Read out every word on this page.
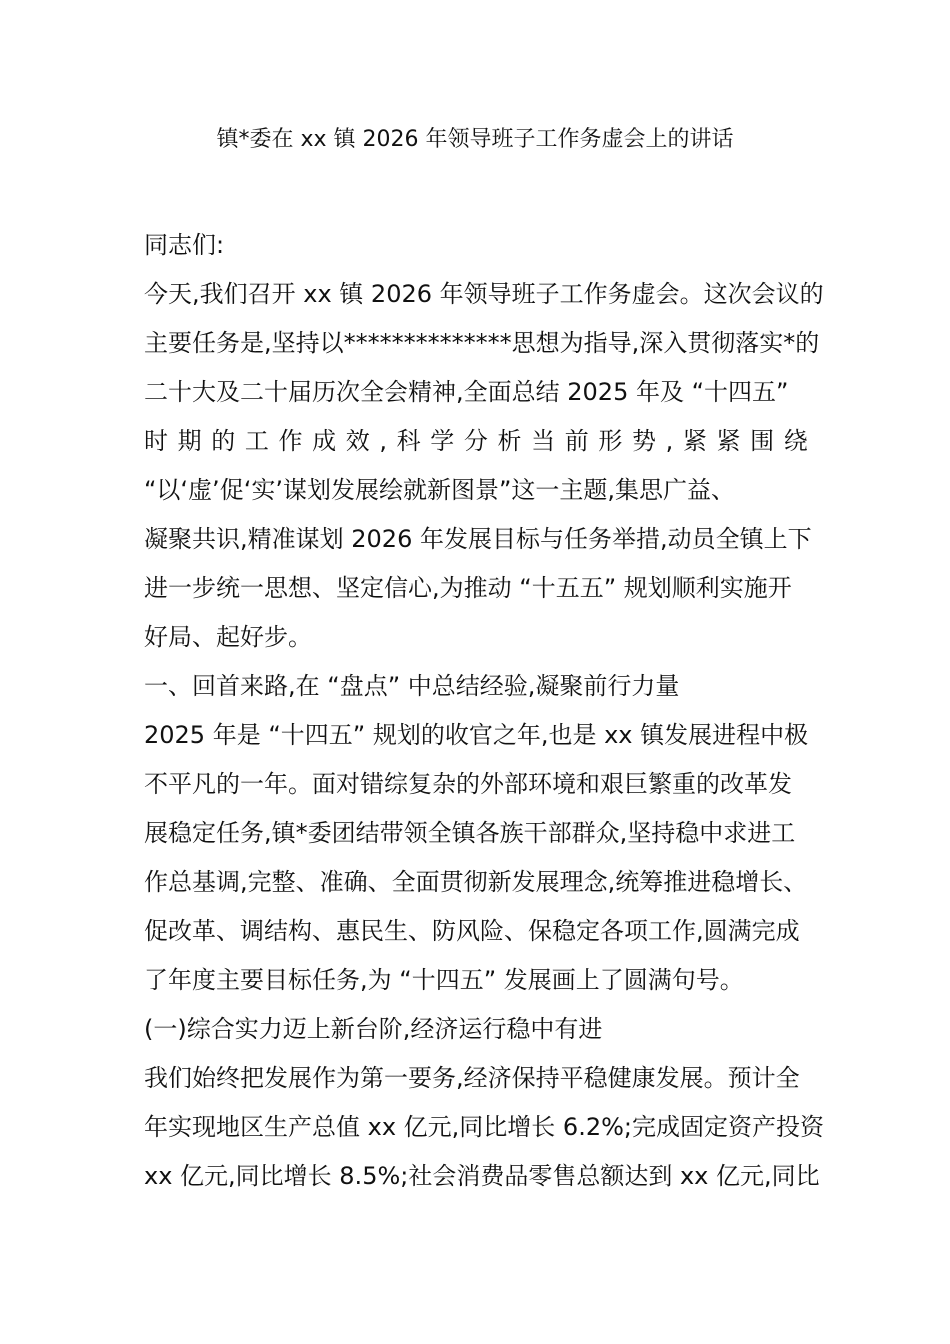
镇*委在 xx 镇 2026 年领导班子工作务虚会上的讲话
同志们:
今天,我们召开 xx 镇 2026 年领导班子工作务虚会。这次会议的
主要任务是,坚持以**************思想为指导,深入贯彻落实*的
二十大及二十届历次全会精神,全面总结 2025 年及 “十四五”
时 期 的 工 作 成 效 , 科 学 分 析 当 前 形 势 , 紧 紧 围 绕
“以‘虚’促‘实’谋划发展绘就新图景”这一主题,集思广益、
凝聚共识,精准谋划 2026 年发展目标与任务举措,动员全镇上下
进一步统一思想、坚定信心,为推动 “十五五” 规划顺利实施开
好局、起好步。
一、回首来路,在 “盘点” 中总结经验,凝聚前行力量
2025 年是 “十四五” 规划的收官之年,也是 xx 镇发展进程中极
不平凡的一年。面对错综复杂的外部环境和艰巨繁重的改革发
展稳定任务,镇*委团结带领全镇各族干部群众,坚持稳中求进工
作总基调,完整、准确、全面贯彻新发展理念,统筹推进稳增长、
促改革、调结构、惠民生、防风险、保稳定各项工作,圆满完成
了年度主要目标任务,为 “十四五” 发展画上了圆满句号。
(一)综合实力迈上新台阶,经济运行稳中有进
我们始终把发展作为第一要务,经济保持平稳健康发展。预计全
年实现地区生产总值 xx 亿元,同比增长 6.2%;完成固定资产投资
xx 亿元,同比增长 8.5%;社会消费品零售总额达到 xx 亿元,同比
